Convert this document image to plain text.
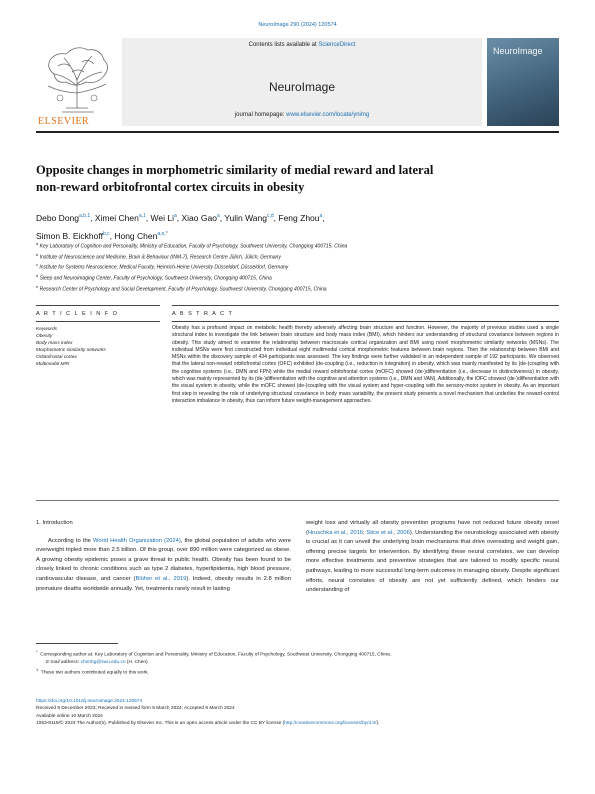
NeuroImage 290 (2024) 120574
ELSEVIER
Contents lists available at ScienceDirect
NeuroImage
journal homepage: www.elsevier.com/locate/ynimg
NeuroImage
Opposite changes in morphometric similarity of medial reward and lateral
non-reward orbitofrontal cortex circuits in obesity
Debo Dong$^{a,b,1}$, Ximei Chen$^{a,1}$, Wei Li$^a$, Xiao Gao$^a$, Yulin Wang$^{c,d}$, Feng Zhou$^a$,
Simon B. Eickhoff$^{b,c}$, Hong Chen$^{a,e,*}$
$^a$ Key Laboratory of Cognition and Personality, Ministry of Education, Faculty of Psychology, Southwest University, Chongqing 400715, China
$^b$ Institute of Neuroscience and Medicine, Brain & Behaviour (INM-7), Research Centre Jülich, Jülich, Germany
$^c$ Institute for Systems Neuroscience, Medical Faculty, Heinrich-Heine University Düsseldorf, Düsseldorf, Germany
$^d$ Sleep and Neuroimaging Center, Faculty of Psychology, Southwest University, Chongqing 400715, China
$^e$ Research Center of Psychology and Social Development, Faculty of Psychology, Southwest University, Chongqing 400715, China
A R T I C L E I N F O	A B S T R A C T
Keywords
Obesity
Body mass index
Morphometric similarity networks
Orbitofrontal cortex
Multimodal MRI
Obesity has a profound impact on metabolic health thereby adversely affecting brain structure and function. However, the majority of previous studies used a single structural index to investigate the link between brain structure and body mass index (BMI), which hinders our understanding of structural covariance between regions in obesity. This study aimed to examine the relationship between macroscale cortical organization and BMI using novel morphometric similarity networks (MSNs). The individual MSNs were first constructed from individual eight multimodal cortical morphometric features between brain regions. Then the relationship between BMI and MSNs within the discovery sample of 434 participants was assessed. The key findings were further validated in an independent sample of 192 participants. We observed that the lateral non-reward orbitofrontal cortex (OFC) exhibited (de-coupling (i.e., reduction in integration) in obesity, which was mainly manifested by its (de-)coupling with the cognitive systems (i.e., DMN and FPN) while the medial reward orbitofrontal cortex (mOFC) showed (de-)differentiation (i.e., decrease in distinctiveness) in obesity, which was mainly represented by its (de-)differentiation with the cognitive and attention systems (i.e., DMN and VAN). Additionally, the lOFC showed (de-)differentiation with the visual system in obesity, while the mOFC showed (de-)coupling with the visual system and hyper-coupling with the sensory-motor system in obesity. As an important first step in revealing the role of underlying structural covariance in body mass variability, the present study presents a novel mechanism that underlies the reward-control interaction imbalance in obesity, thus can inform future weight-management approaches.
1. Introduction

According to the World Health Organization (2024), the global population of adults who were overweight tripled more than 2.5 billion. Of this group, over 890 million were categorized as obese. A growing obesity epidemic poses a grave threat to public health. Obesity has been found to be closely linked to chronic conditions such as type 2 diabetes, hyperlipidemia, high blood pressure, cardiovascular disease, and cancer (Blüher et al., 2019). Indeed, obesity results in 2.8 million premature deaths worldwide annually. Yet, treatments rarely result in lasting

weight loss and virtually all obesity prevention programs have not reduced future obesity onset (Hruschka et al., 2016; Stice et al., 2006). Understanding the neurobiology associated with obesity is crucial as it can unveil the underlying brain mechanisms that drive overeating and weight gain, offering precise targets for intervention. By identifying these neural correlates, we can develop more effective treatments and preventive strategies that are tailored to modify specific neural pathways, leading to more successful long-term outcomes in managing obesity. Despite significant efforts, neural correlates of obesity are not yet sufficiently defined, which hinders our understanding of

*  Corresponding author at: Key Laboratory of Cognition and Personality, Ministry of Education, Faculty of Psychology, Southwest University, Chongqing 400715, China.
E-mail address: chenhg@swu.edu.cn (H. Chen).
$^1$  These two authors contributed equally to this work.
https://doi.org/10.1016/j.neuroimage.2024.120574
Received 9 December 2023; Received in revised form 5 March 2024; Accepted 8 March 2024
Available online 10 March 2024
1053-8119/© 2024 The Author(s). Published by Elsevier Inc. This is an open access article under the CC BY license (http://creativecommons.org/licenses/by/4.0/).
